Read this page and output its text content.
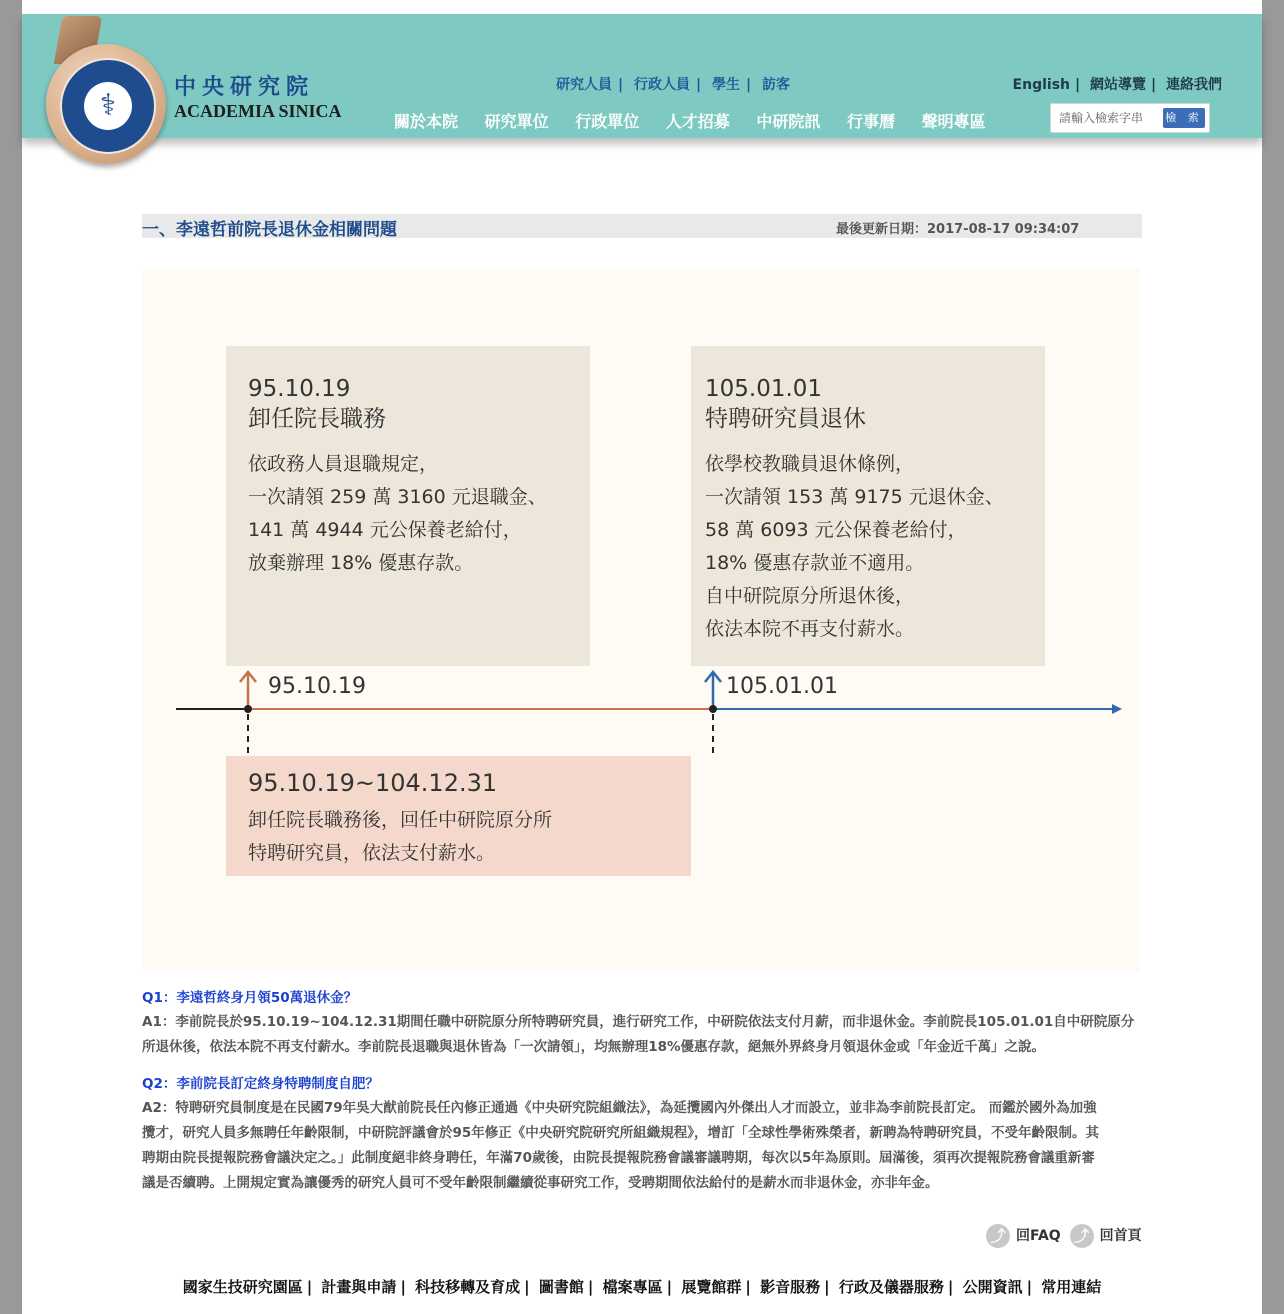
⚕
中央研究院
ACADEMIA SINICA
研究人員 | 行政人員 | 學生 | 訪客	English | 網站導覽 | 連絡我們
關於本院 研究單位 行政單位 人才招募 中研院訊 行事曆 聲明專區
請輸入檢索字串	檢 索
一、李遠哲前院長退休金相關問題	最後更新日期：2017-08-17 09:34:07
95.10.19
卸任院長職務
依政務人員退職規定，
一次請領 259 萬 3160 元退職金、
141 萬 4944 元公保養老給付，
放棄辦理 18% 優惠存款。
105.01.01
特聘研究員退休
依學校教職員退休條例，
一次請領 153 萬 9175 元退休金、
58 萬 6093 元公保養老給付，
18% 優惠存款並不適用。
自中研院原分所退休後，
依法本院不再支付薪水。
95.10.19	105.01.01
95.10.19~104.12.31
卸任院長職務後，回任中研院原分所
特聘研究員，依法支付薪水。
Q1：李遠哲終身月領50萬退休金？
A1：李前院長於95.10.19~104.12.31期間任職中研院原分所特聘研究員，進行研究工作，中研院依法支付月薪，而非退休金。李前院長105.01.01自中研院原分
所退休後，依法本院不再支付薪水。李前院長退職與退休皆為「一次請領」，均無辦理18%優惠存款，絕無外界終身月領退休金或「年金近千萬」之說。
Q2：李前院長訂定終身特聘制度自肥？
A2：特聘研究員制度是在民國79年吳大猷前院長任內修正通過《中央研究院組織法》，為延攬國內外傑出人才而設立，並非為李前院長訂定。 而鑑於國外為加強
攬才，研究人員多無聘任年齡限制，中研院評議會於95年修正《中央研究院研究所組織規程》，增訂「全球性學術殊榮者，新聘為特聘研究員，不受年齡限制。其
聘期由院長提報院務會議決定之。」此制度絕非終身聘任，年滿70歲後，由院長提報院務會議審議聘期，每次以5年為原則。屆滿後，須再次提報院務會議重新審
議是否續聘。上開規定實為讓優秀的研究人員可不受年齡限制繼續從事研究工作，受聘期間依法給付的是薪水而非退休金，亦非年金。
⤴ 回FAQ ⤴ 回首頁
國家生技研究園區 | 計畫與申請 | 科技移轉及育成 | 圖書館 | 檔案專區 | 展覽館群 | 影音服務 | 行政及儀器服務 | 公開資訊 | 常用連結
